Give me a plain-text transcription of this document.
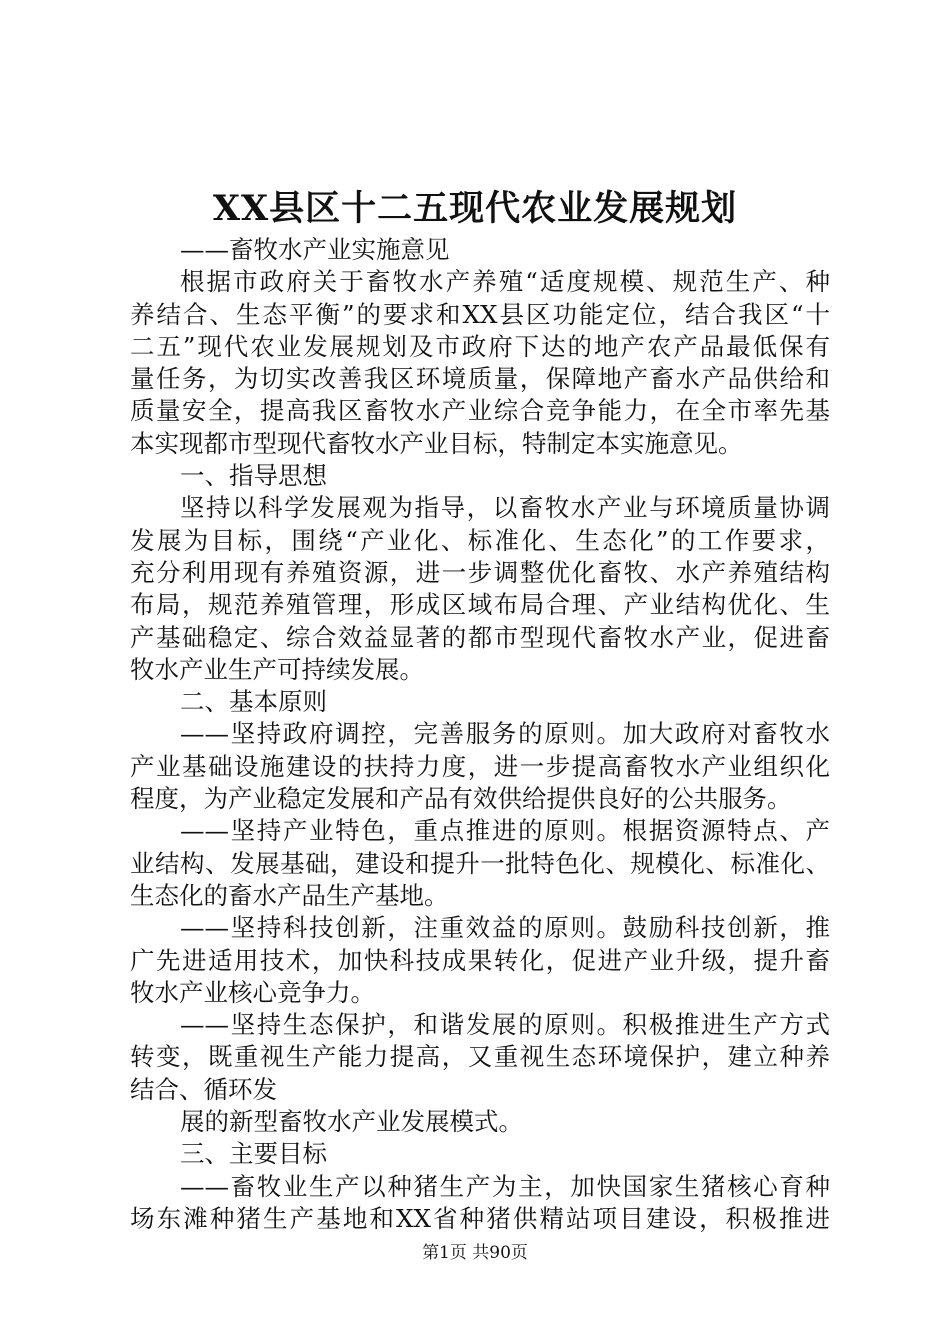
XX县区十二五现代农业发展规划
——畜牧水产业实施意见
根据市政府关于畜牧水产养殖“适度规模、规范生产、种
养结合、生态平衡”的要求和XX县区功能定位，结合我区“十
二五”现代农业发展规划及市政府下达的地产农产品最低保有
量任务，为切实改善我区环境质量，保障地产畜水产品供给和
质量安全，提高我区畜牧水产业综合竞争能力，在全市率先基
本实现都市型现代畜牧水产业目标，特制定本实施意见。
一、指导思想
坚持以科学发展观为指导，以畜牧水产业与环境质量协调
发展为目标，围绕“产业化、标准化、生态化”的工作要求，
充分利用现有养殖资源，进一步调整优化畜牧、水产养殖结构
布局，规范养殖管理，形成区域布局合理、产业结构优化、生
产基础稳定、综合效益显著的都市型现代畜牧水产业，促进畜
牧水产业生产可持续发展。
二、基本原则
——坚持政府调控，完善服务的原则。加大政府对畜牧水
产业基础设施建设的扶持力度，进一步提高畜牧水产业组织化
程度，为产业稳定发展和产品有效供给提供良好的公共服务。
——坚持产业特色，重点推进的原则。根据资源特点、产
业结构、发展基础，建设和提升一批特色化、规模化、标准化、
生态化的畜水产品生产基地。
——坚持科技创新，注重效益的原则。鼓励科技创新，推
广先进适用技术，加快科技成果转化，促进产业升级，提升畜
牧水产业核心竞争力。
——坚持生态保护，和谐发展的原则。积极推进生产方式
转变，既重视生产能力提高，又重视生态环境保护，建立种养
结合、循环发
展的新型畜牧水产业发展模式。
三、主要目标
——畜牧业生产以种猪生产为主，加快国家生猪核心育种
场东滩种猪生产基地和XX省种猪供精站项目建设，积极推进
第1页 共90页
